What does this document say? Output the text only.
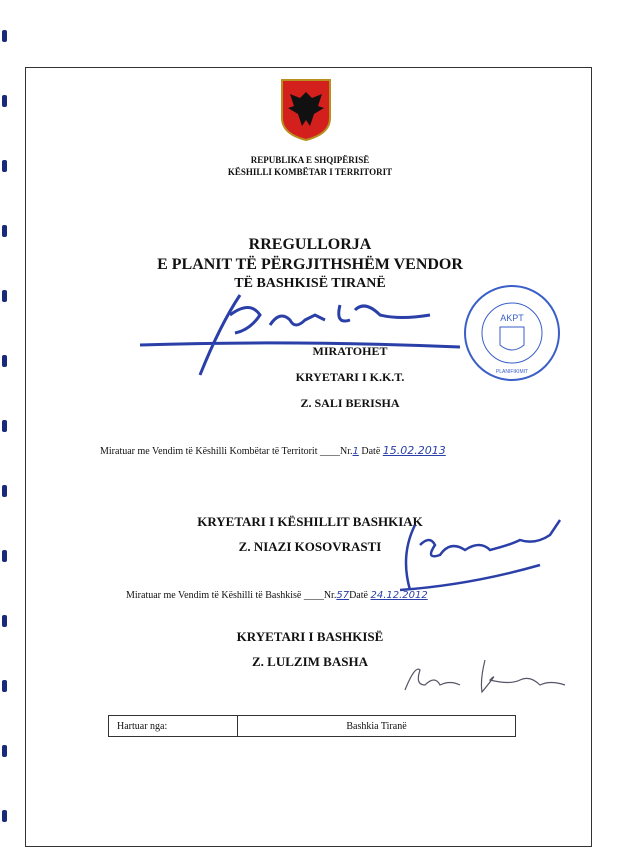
REPUBLIKA E SHQIPËRISË
KËSHILLI KOMBËTAR I TERRITORIT
RREGULLORJA
E PLANIT TË PËRGJITHSHËM VENDOR
TË BASHKISË TIRANË
MIRATOHET
KRYETARI I K.K.T.
Z. SALI BERISHA
AKPT
PLANIFIKIMIT
Miratuar me Vendim të Këshilli Kombëtar të Territorit ____Nr.1 Datë 15.02.2013
KRYETARI I KËSHILLIT BASHKIAK
Z. NIAZI KOSOVRASTI
Miratuar me Vendim të Këshilli të Bashkisë ____Nr.57Datë 24.12.2012
KRYETARI I BASHKISË
Z. LULZIM BASHA
Hartuar nga:	Bashkia Tiranë
